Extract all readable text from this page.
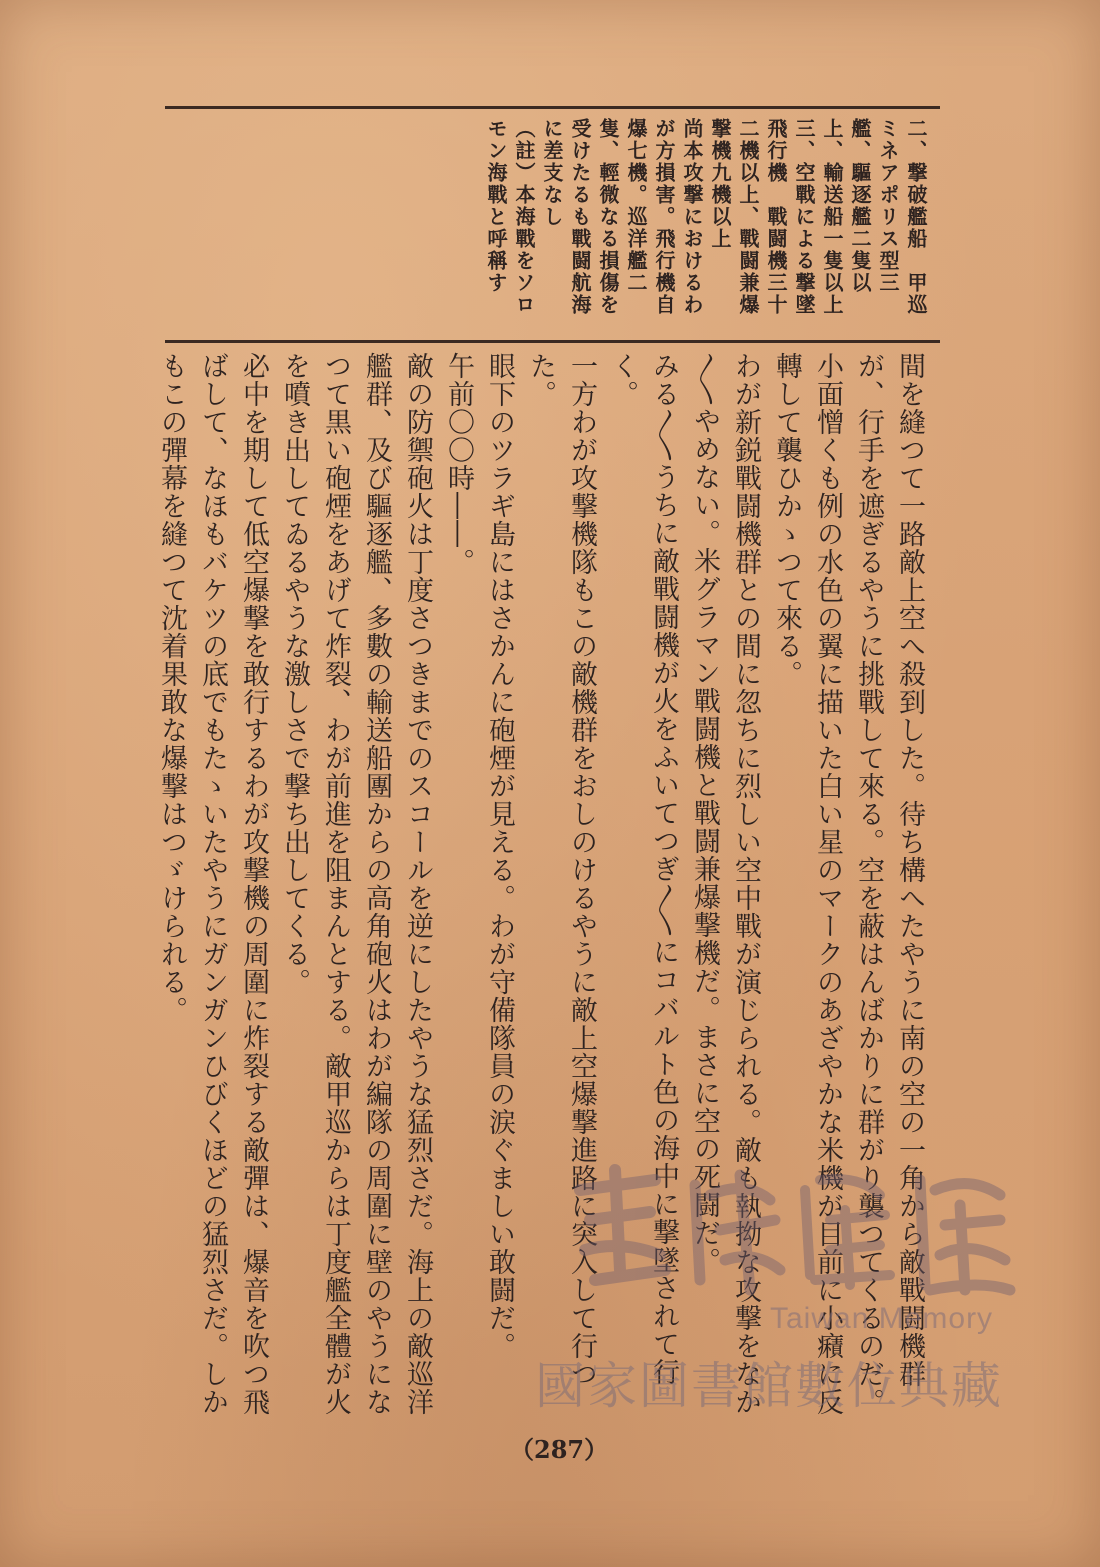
二、撃破艦船　甲巡ミネアポリス型三艦、驅逐艦二隻以上、輸送船一隻以上

三、空戰による撃墜飛行機　戰闘機三十二機以上、戰闘兼爆撃機九機以上

尚本攻撃におけるわが方損害。飛行機自爆七機。巡洋艦二隻、輕微なる損傷を受けたるも戰闘航海に差支なし

（註）本海戰をソロモン海戰と呼稱す

間を縫つて一路敵上空へ殺到した。待ち構へたやうに南の空の一角から敵戰闘機群が、行手を遮ぎるやうに挑戰して來る。空を蔽はんばかりに群がり襲つてくるのだ。

小面憎くも例の水色の翼に描いた白い星のマークのあざやかな米機が目前に小癪に反轉して襲ひかゝつて來る。

わが新鋭戰闘機群との間に忽ちに烈しい空中戰が演じられる。敵も執拗な攻撃をなか〳〵やめない。米グラマン戰闘機と戰闘兼爆撃機だ。まさに空の死闘だ。

みる〳〵うちに敵戰闘機が火をふいてつぎ〳〵にコバルト色の海中に撃墜されて行く。

一方わが攻撃機隊もこの敵機群をおしのけるやうに敵上空爆撃進路に突入して行つた。

眼下のツラギ島にはさかんに砲煙が見える。わが守備隊員の涙ぐましい敢闘だ。

午前〇〇時――。

敵の防禦砲火は丁度さつきまでのスコールを逆にしたやうな猛烈さだ。海上の敵巡洋艦群、及び驅逐艦、多數の輸送船團からの高角砲火はわが編隊の周圍に壁のやうになつて黒い砲煙をあげて炸裂、わが前進を阻まんとする。敵甲巡からは丁度艦全體が火を噴き出してゐるやうな激しさで撃ち出してくる。

必中を期して低空爆撃を敢行するわが攻撃機の周圍に炸裂する敵彈は、爆音を吹つ飛ばして、なほもバケツの底でもたゝいたやうにガンガンひびくほどの猛烈さだ。しかもこの彈幕を縫つて沈着果敢な爆撃はつゞけられる。

（287）
Taiwan Memory
國家圖書館數位典藏
